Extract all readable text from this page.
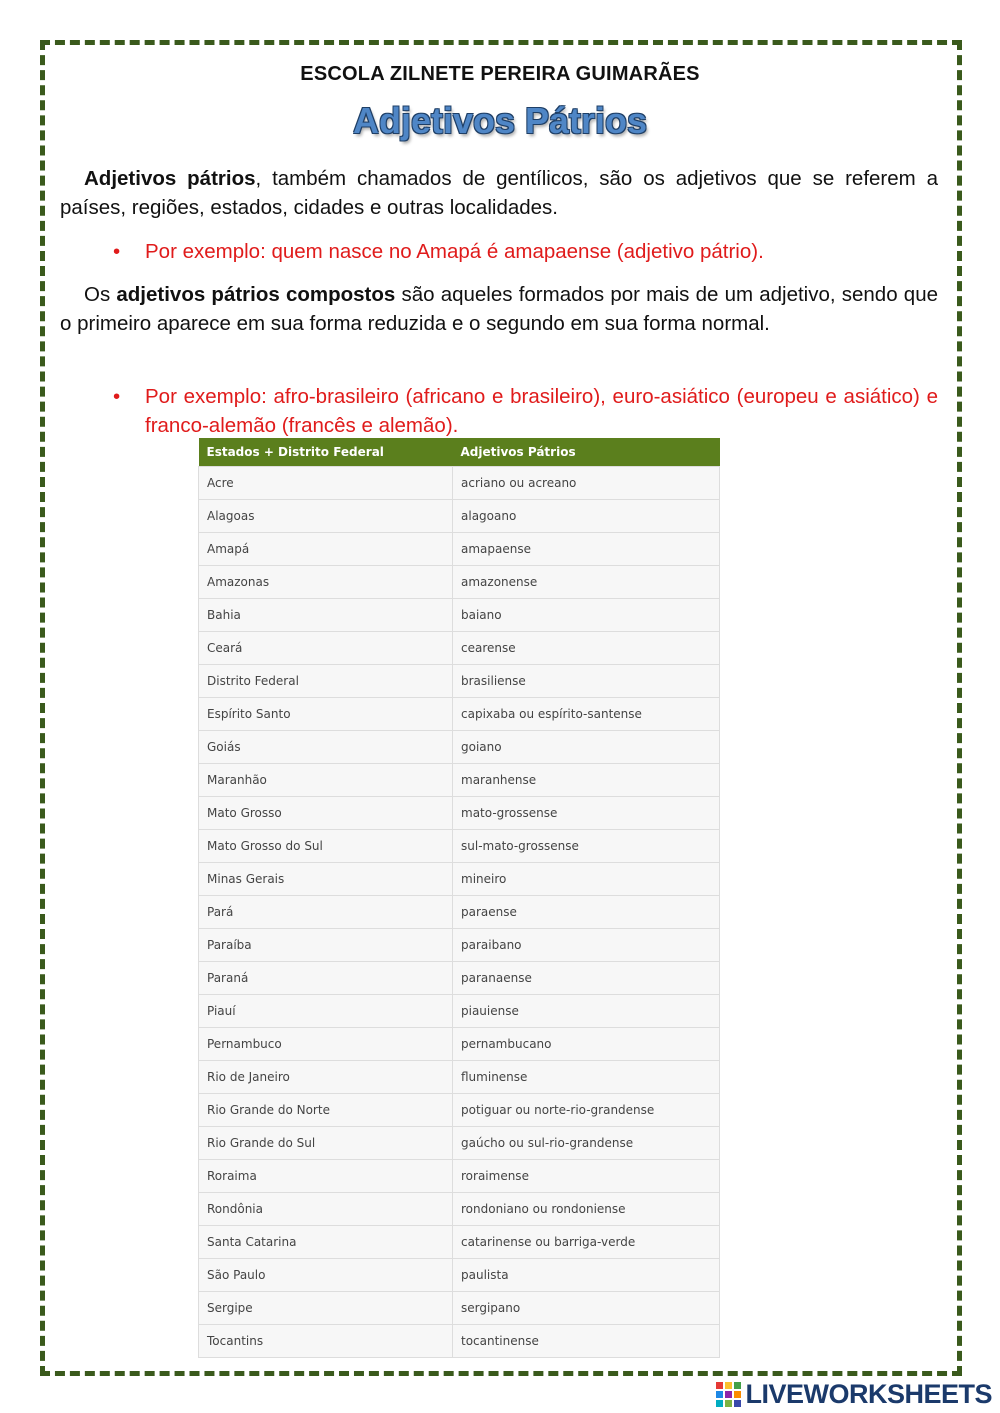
ESCOLA ZILNETE PEREIRA GUIMARÃES
Adjetivos Pátrios
Adjetivos pátrios, também chamados de gentílicos, são os adjetivos que se referem a países, regiões, estados, cidades e outras localidades.
• Por exemplo: quem nasce no Amapá é amapaense (adjetivo pátrio).
Os adjetivos pátrios compostos são aqueles formados por mais de um adjetivo, sendo que o primeiro aparece em sua forma reduzida e o segundo em sua forma normal.
• Por exemplo: afro-brasileiro (africano e brasileiro), euro-asiático (europeu e asiático) e franco-alemão (francês e alemão).
Estados + Distrito Federal	Adjetivos Pátrios
Acre	acriano ou acreano
Alagoas	alagoano
Amapá	amapaense
Amazonas	amazonense
Bahia	baiano
Ceará	cearense
Distrito Federal	brasiliense
Espírito Santo	capixaba ou espírito-santense
Goiás	goiano
Maranhão	maranhense
Mato Grosso	mato-grossense
Mato Grosso do Sul	sul-mato-grossense
Minas Gerais	mineiro
Pará	paraense
Paraíba	paraibano
Paraná	paranaense
Piauí	piauiense
Pernambuco	pernambucano
Rio de Janeiro	fluminense
Rio Grande do Norte	potiguar ou norte-rio-grandense
Rio Grande do Sul	gaúcho ou sul-rio-grandense
Roraima	roraimense
Rondônia	rondoniano ou rondoniense
Santa Catarina	catarinense ou barriga-verde
São Paulo	paulista
Sergipe	sergipano
Tocantins	tocantinense
LIVEWORKSHEETS
